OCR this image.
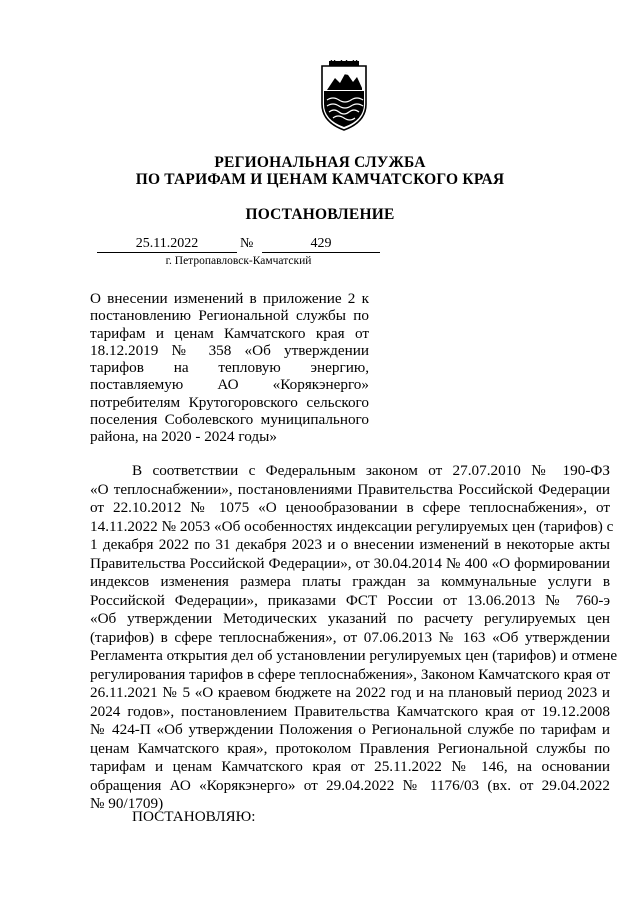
РЕГИОНАЛЬНАЯ СЛУЖБА
ПО ТАРИФАМ И ЦЕНАМ КАМЧАТСКОГО КРАЯ
ПОСТАНОВЛЕНИЕ
25.11.2022	№	429
г. Петропавловск-Камчатский
О внесении изменений в приложение 2 к
постановлению Региональной службы по
тарифам и ценам Камчатского края от
18.12.2019 № 358 «Об утверждении
тарифов на тепловую энергию,
поставляемую АО «Корякэнерго»
потребителям Крутогоровского сельского
поселения Соболевского муниципального
района, на 2020 - 2024 годы»
В соответствии с Федеральным законом от 27.07.2010 № 190-ФЗ
«О теплоснабжении», постановлениями Правительства Российской Федерации
от 22.10.2012 № 1075 «О ценообразовании в сфере теплоснабжения», от
14.11.2022 № 2053 «Об особенностях индексации регулируемых цен (тарифов) с
1 декабря 2022 по 31 декабря 2023 и о внесении изменений в некоторые акты
Правительства Российской Федерации», от 30.04.2014 № 400 «О формировании
индексов изменения размера платы граждан за коммунальные услуги в
Российской Федерации», приказами ФСТ России от 13.06.2013 № 760-э
«Об утверждении Методических указаний по расчету регулируемых цен
(тарифов) в сфере теплоснабжения», от 07.06.2013 № 163 «Об утверждении
Регламента открытия дел об установлении регулируемых цен (тарифов) и отмене
регулирования тарифов в сфере теплоснабжения», Законом Камчатского края от
26.11.2021 № 5 «О краевом бюджете на 2022 год и на плановый период 2023 и
2024 годов», постановлением Правительства Камчатского края от 19.12.2008
№ 424-П «Об утверждении Положения о Региональной службе по тарифам и
ценам Камчатского края», протоколом Правления Региональной службы по
тарифам и ценам Камчатского края от 25.11.2022 № 146, на основании
обращения АО «Корякэнерго» от 29.04.2022 № 1176/03 (вх. от 29.04.2022
№ 90/1709)
ПОСТАНОВЛЯЮ:
